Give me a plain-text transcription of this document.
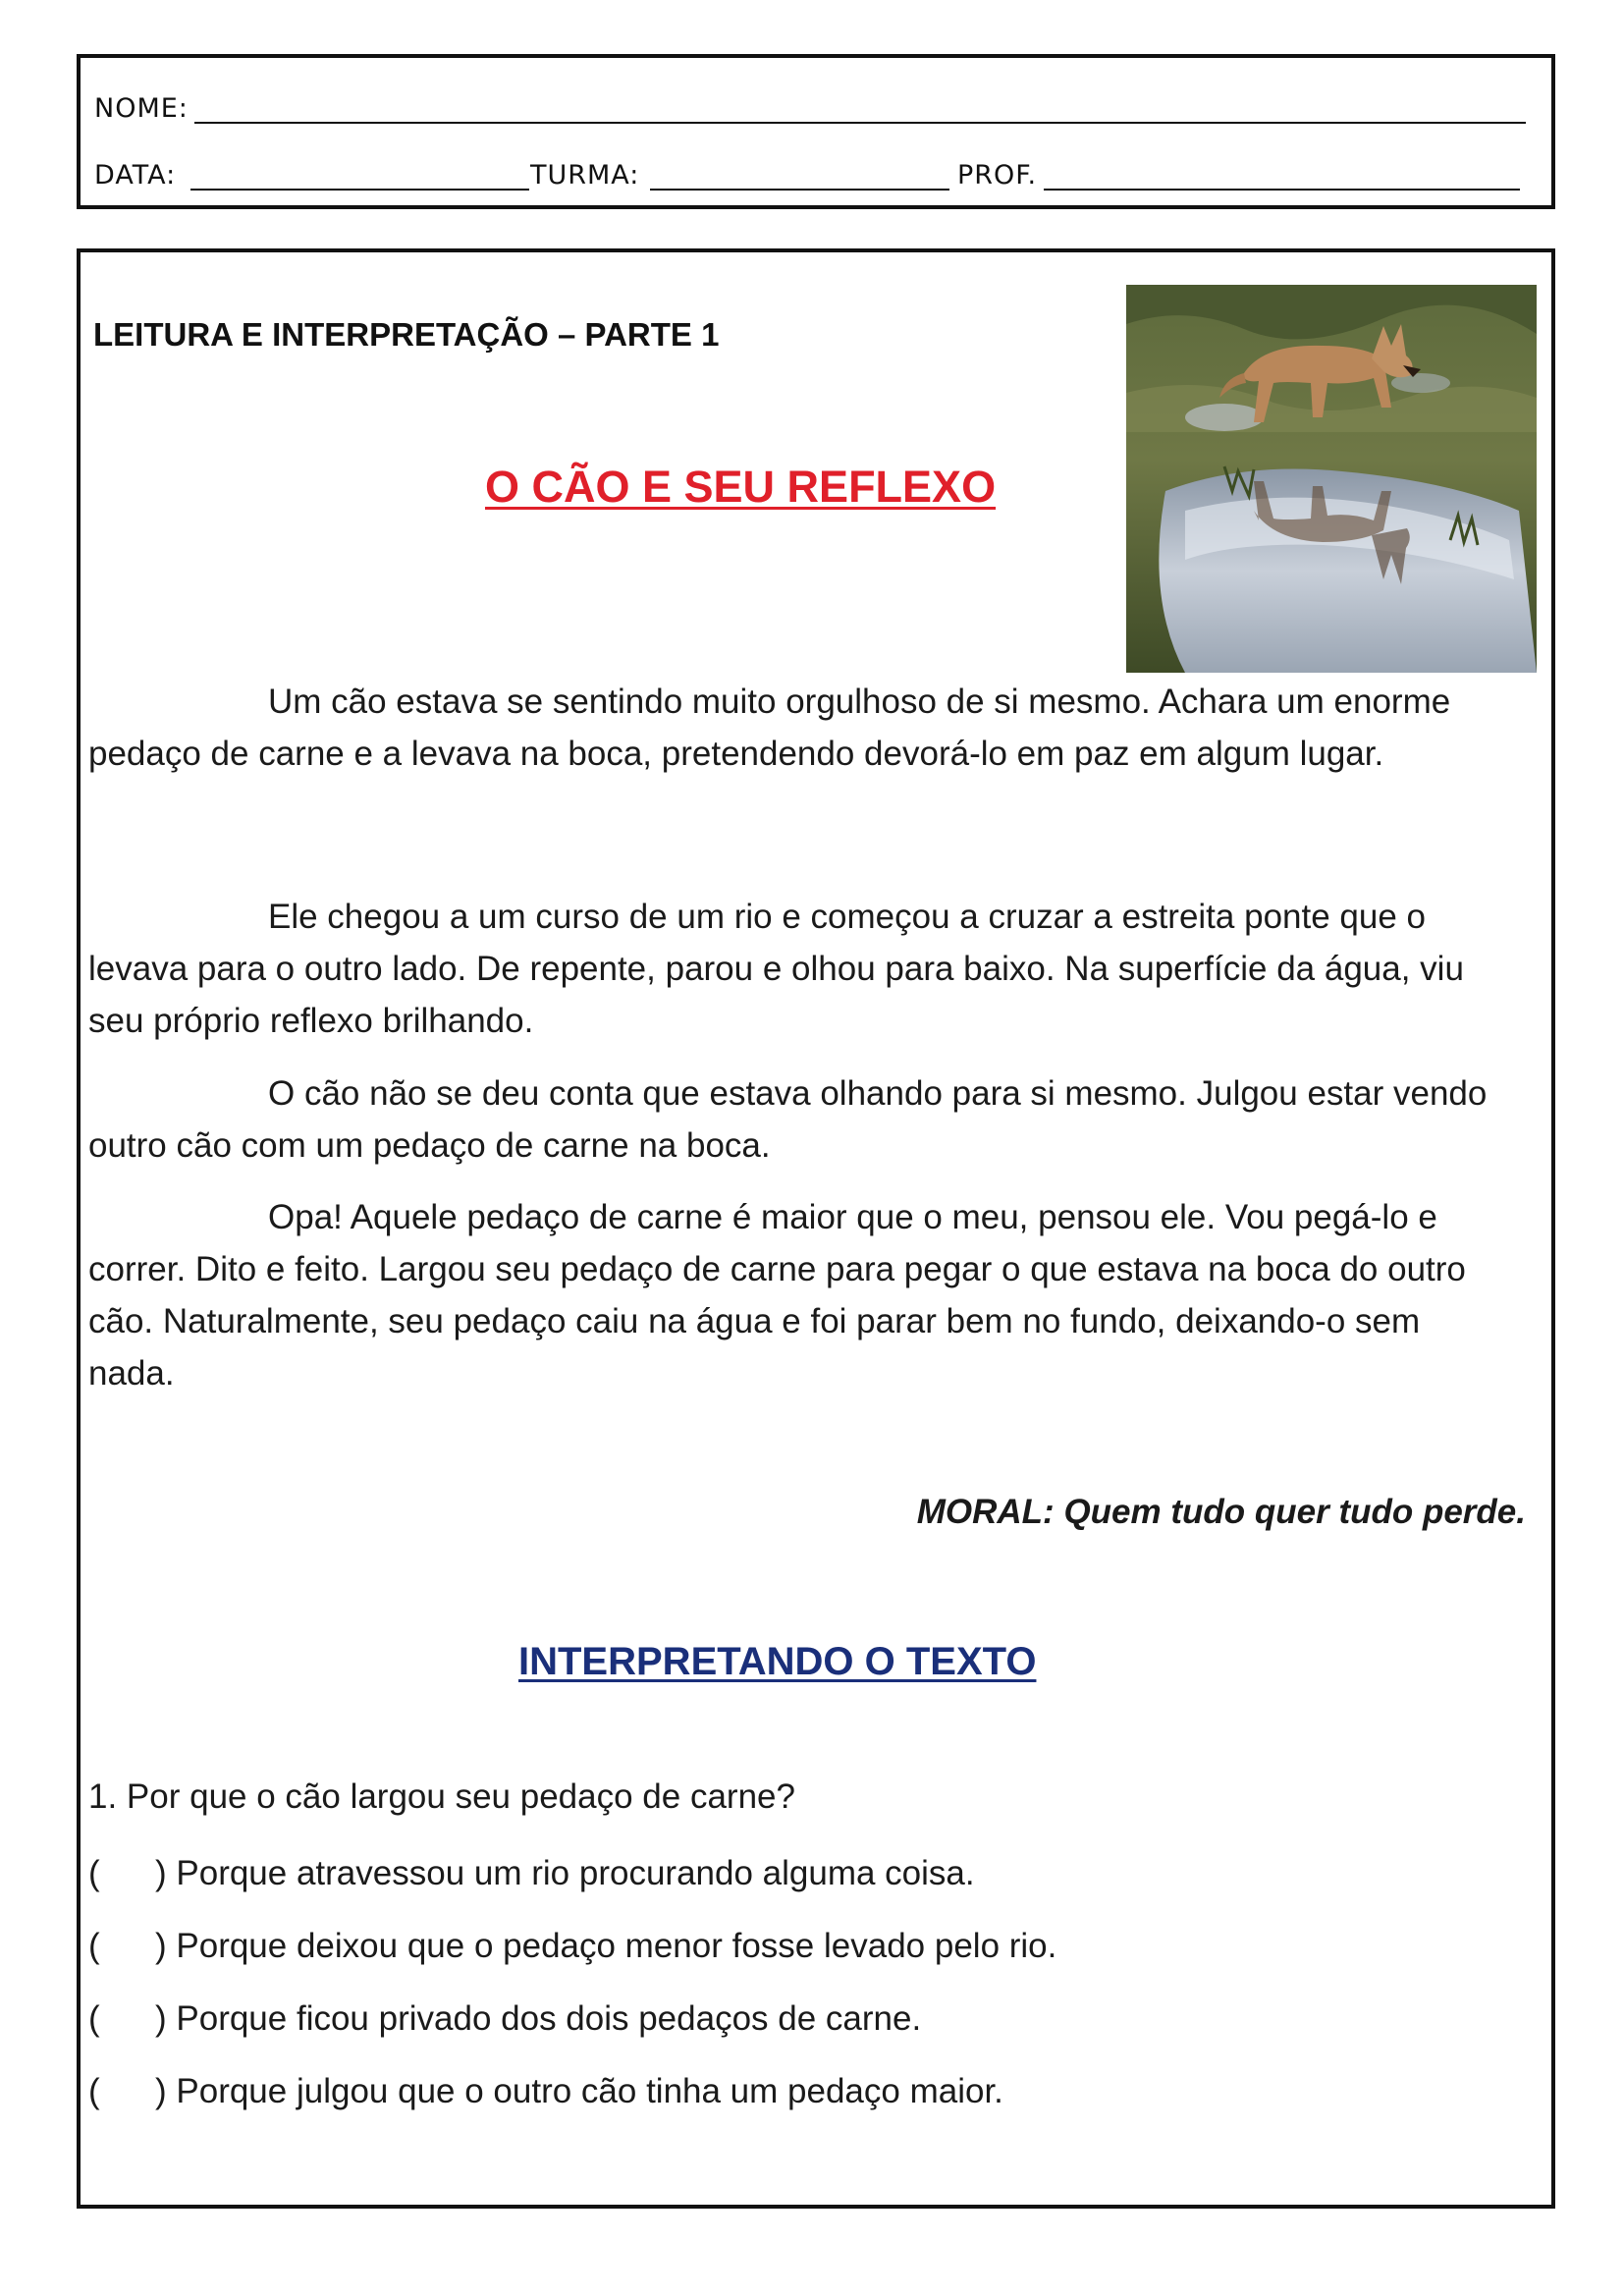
NOME:
DATA:	TURMA:	PROF.
LEITURA E INTERPRETAÇÃO – PARTE 1
O CÃO E SEU REFLEXO

Um cão estava se sentindo muito orgulhoso de si mesmo. Achara um enorme pedaço de carne e a levava na boca, pretendendo devorá-lo em paz em algum lugar.

Ele chegou a um curso de um rio e começou a cruzar a estreita ponte que o levava para o outro lado. De repente, parou e olhou para baixo. Na superfície da água, viu seu próprio reflexo brilhando.

O cão não se deu conta que estava olhando para si mesmo. Julgou estar vendo outro cão com um pedaço de carne na boca.

Opa! Aquele pedaço de carne é maior que o meu, pensou ele. Vou pegá-lo e correr. Dito e feito. Largou seu pedaço de carne para pegar o que estava na boca do outro cão. Naturalmente, seu pedaço caiu na água e foi parar bem no fundo, deixando-o sem nada.

MORAL: Quem tudo quer tudo perde.
INTERPRETANDO O TEXTO
1. Por que o cão largou seu pedaço de carne?
( ) Porque atravessou um rio procurando alguma coisa.
( ) Porque deixou que o pedaço menor fosse levado pelo rio.
( ) Porque ficou privado dos dois pedaços de carne.
( ) Porque julgou que o outro cão tinha um pedaço maior.
